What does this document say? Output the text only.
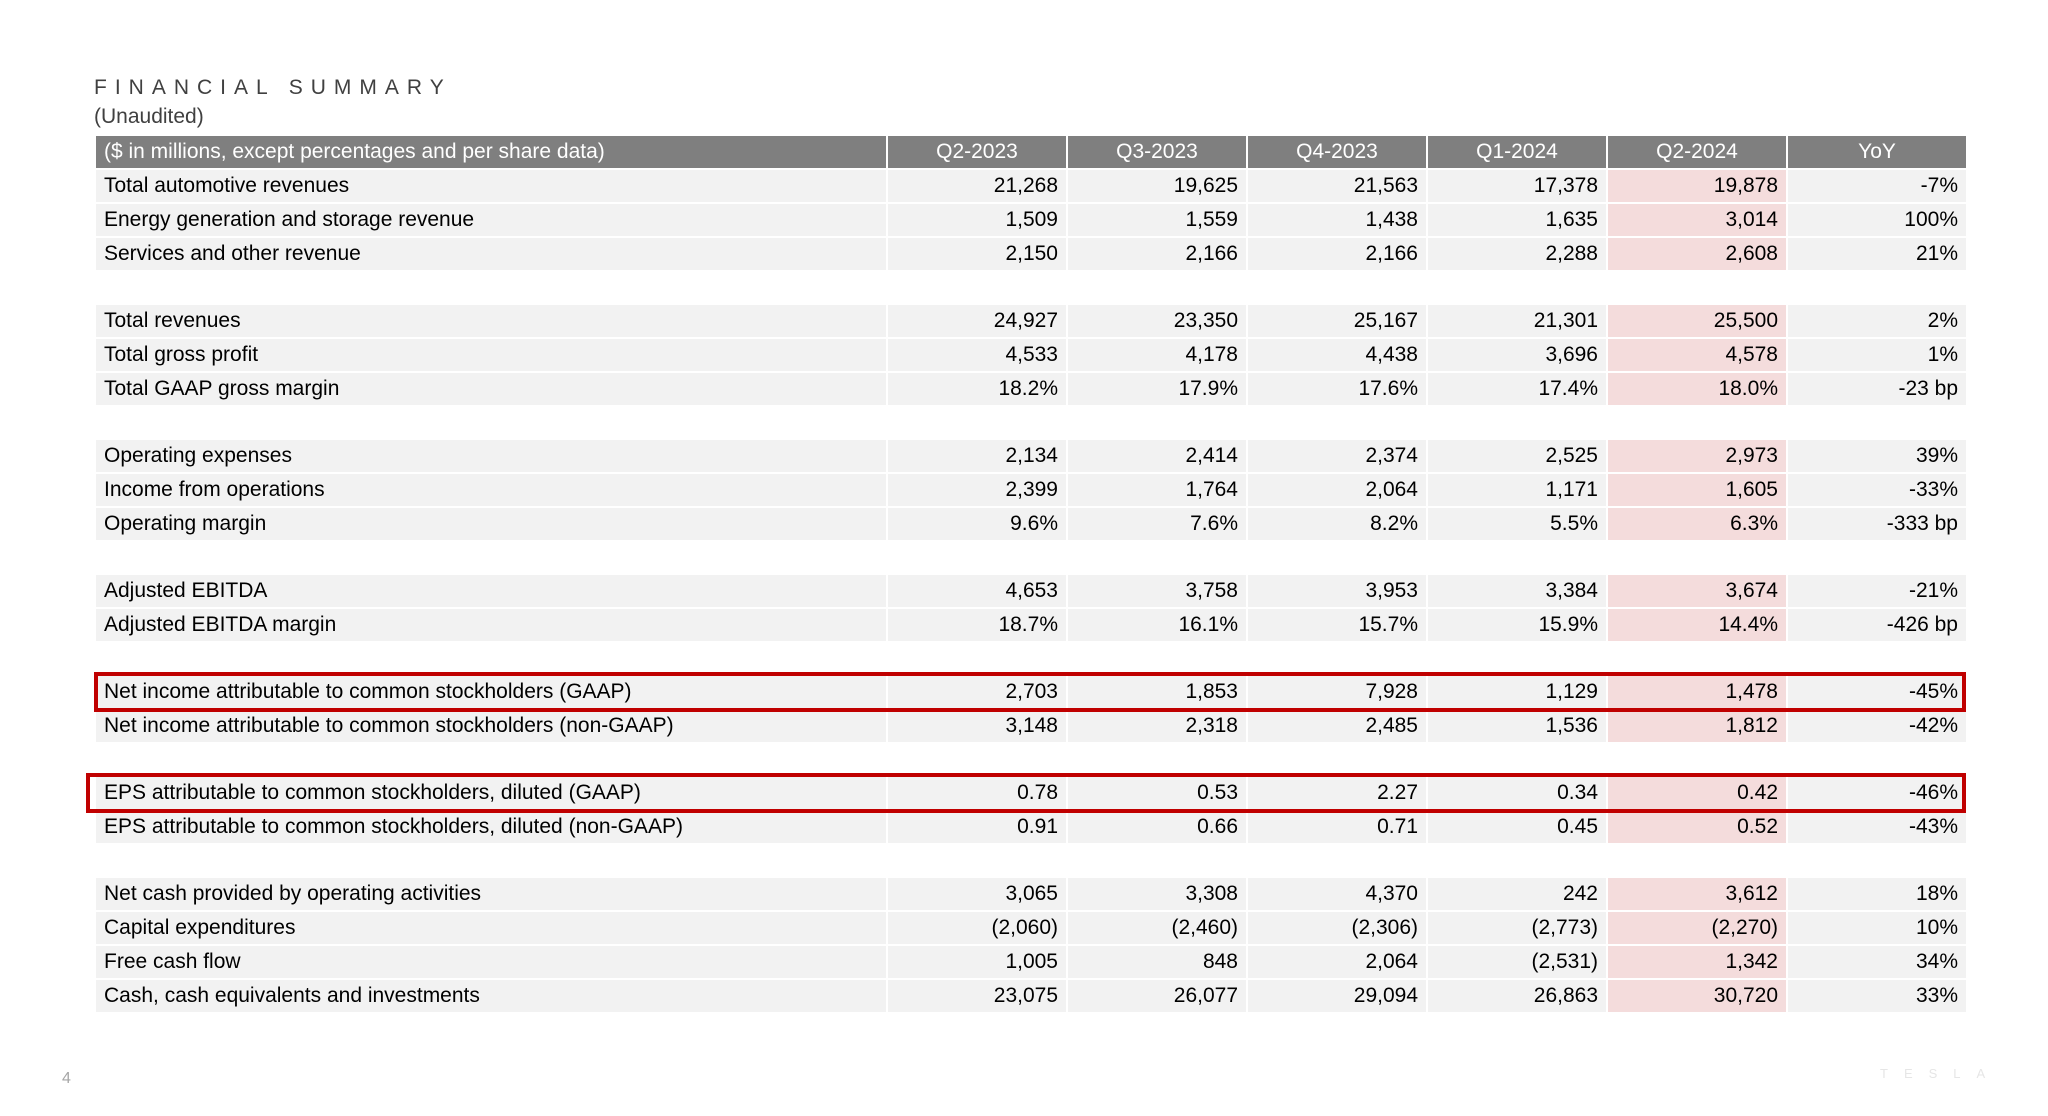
FINANCIAL SUMMARY
(Unaudited)
($ in millions, except percentages and per share data)	Q2-2023	Q3-2023	Q4-2023	Q1-2024	Q2-2024	YoY
Total automotive revenues	21,268	19,625	21,563	17,378	19,878	-7%
Energy generation and storage revenue	1,509	1,559	1,438	1,635	3,014	100%
Services and other revenue	2,150	2,166	2,166	2,288	2,608	21%

Total revenues	24,927	23,350	25,167	21,301	25,500	2%
Total gross profit	4,533	4,178	4,438	3,696	4,578	1%
Total GAAP gross margin	18.2%	17.9%	17.6%	17.4%	18.0%	-23 bp

Operating expenses	2,134	2,414	2,374	2,525	2,973	39%
Income from operations	2,399	1,764	2,064	1,171	1,605	-33%
Operating margin	9.6%	7.6%	8.2%	5.5%	6.3%	-333 bp

Adjusted EBITDA	4,653	3,758	3,953	3,384	3,674	-21%
Adjusted EBITDA margin	18.7%	16.1%	15.7%	15.9%	14.4%	-426 bp

Net income attributable to common stockholders (GAAP)	2,703	1,853	7,928	1,129	1,478	-45%
Net income attributable to common stockholders (non-GAAP)	3,148	2,318	2,485	1,536	1,812	-42%

EPS attributable to common stockholders, diluted (GAAP)	0.78	0.53	2.27	0.34	0.42	-46%
EPS attributable to common stockholders, diluted (non-GAAP)	0.91	0.66	0.71	0.45	0.52	-43%

Net cash provided by operating activities	3,065	3,308	4,370	242	3,612	18%
Capital expenditures	(2,060)	(2,460)	(2,306)	(2,773)	(2,270)	10%
Free cash flow	1,005	848	2,064	(2,531)	1,342	34%
Cash, cash equivalents and investments	23,075	26,077	29,094	26,863	30,720	33%
4	TESLA
